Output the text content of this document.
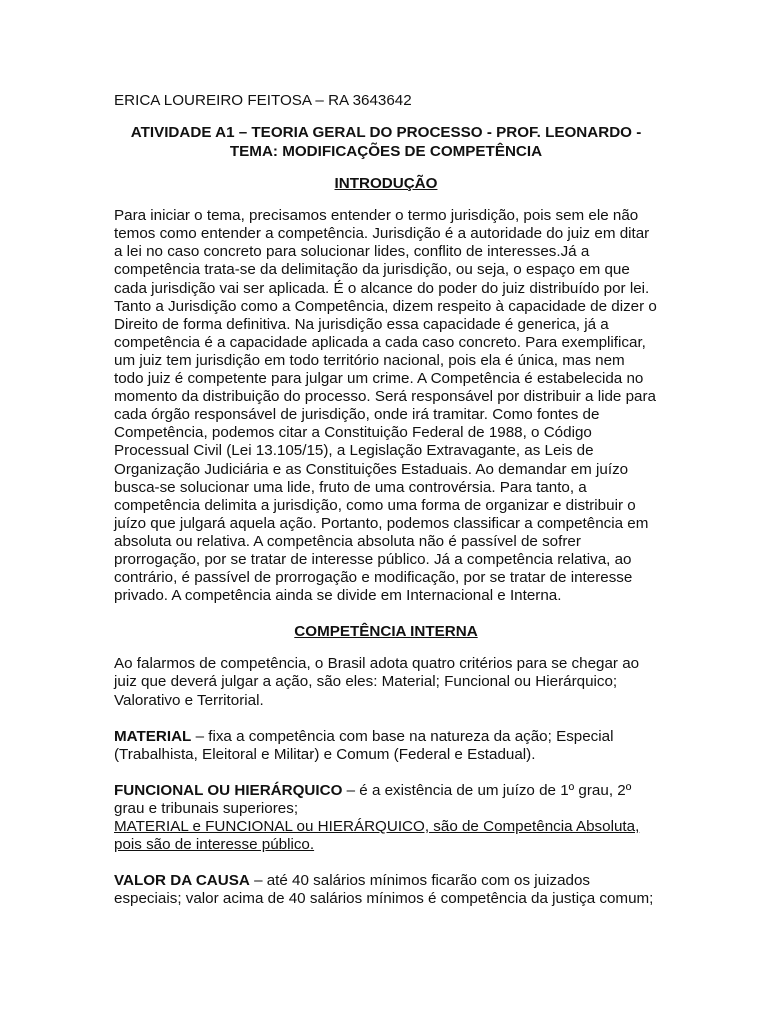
ERICA LOUREIRO FEITOSA – RA 3643642
ATIVIDADE A1 – TEORIA GERAL DO PROCESSO - PROF. LEONARDO -
TEMA: MODIFICAÇÕES DE COMPETÊNCIA
INTRODUÇÃO

Para iniciar o tema, precisamos entender o termo jurisdição, pois sem ele não temos como entender a competência. Jurisdição é a autoridade do juiz em ditar a lei no caso concreto para solucionar lides, conflito de interesses.Já a competência trata-se da delimitação da jurisdição, ou seja, o espaço em que cada jurisdição vai ser aplicada. É o alcance do poder do juiz distribuído por lei. Tanto a Jurisdição como a Competência, dizem respeito à capacidade de dizer o Direito de forma definitiva. Na jurisdição essa capacidade é generica, já a competência é a capacidade aplicada a cada caso concreto. Para exemplificar, um juiz tem jurisdição em todo território nacional, pois ela é única, mas nem todo juiz é competente para julgar um crime. A Competência é estabelecida no momento da distribuição do processo. Será responsável por distribuir a lide para cada órgão responsável de jurisdição, onde irá tramitar. Como fontes de Competência, podemos citar a Constituição Federal de 1988, o Código Processual Civil (Lei 13.105/15), a Legislação Extravagante, as Leis de Organização Judiciária e as Constituições Estaduais. Ao demandar em juízo busca-se solucionar uma lide, fruto de uma controvérsia. Para tanto, a competência delimita a jurisdição, como uma forma de organizar e distribuir o juízo que julgará aquela ação. Portanto, podemos classificar a competência em absoluta ou relativa. A competência absoluta não é passível de sofrer prorrogação, por se tratar de interesse público. Já a competência relativa, ao contrário, é passível de prorrogação e modificação, por se tratar de interesse privado. A competência ainda se divide em Internacional e Interna.

COMPETÊNCIA INTERNA

Ao falarmos de competência, o Brasil adota quatro critérios para se chegar ao juiz que deverá julgar a ação, são eles: Material; Funcional ou Hierárquico; Valorativo e Territorial.

MATERIAL – fixa a competência com base na natureza da ação; Especial (Trabalhista, Eleitoral e Militar) e Comum (Federal e Estadual).

FUNCIONAL OU HIERÁRQUICO – é a existência de um juízo de 1º grau, 2º grau e tribunais superiores;

MATERIAL e FUNCIONAL ou HIERÁRQUICO, são de Competência Absoluta,
pois são de interesse público.

VALOR DA CAUSA – até 40 salários mínimos ficarão com os juizados especiais; valor acima de 40 salários mínimos é competência da justiça comum;
